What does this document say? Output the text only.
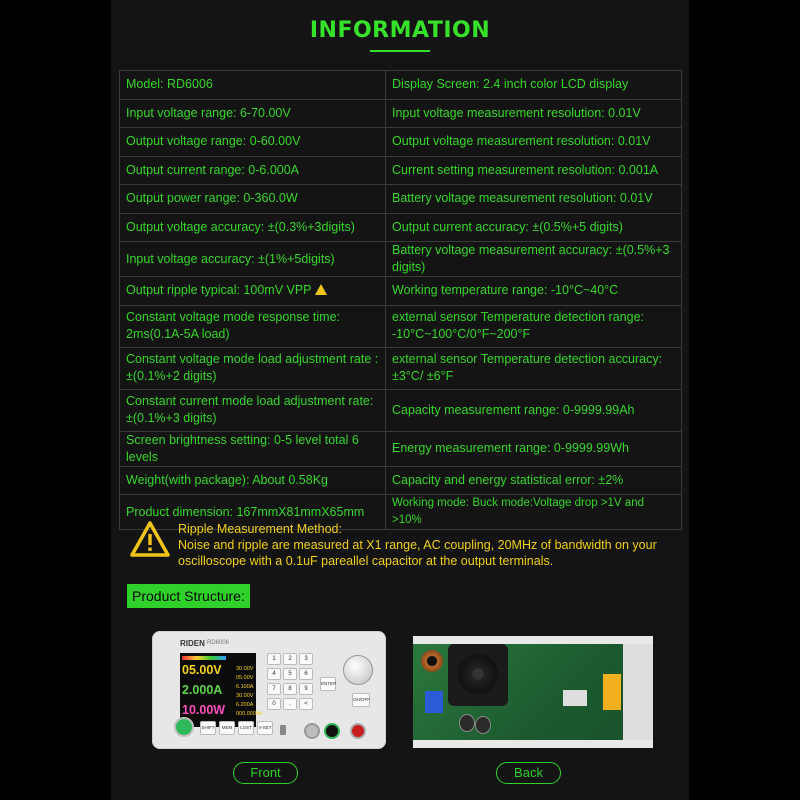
INFORMATION
Model: RD6006	Display Screen: 2.4 inch color LCD display
Input voltage range: 6-70.00V	Input voltage measurement resolution: 0.01V
Output voltage range: 0-60.00V	Output voltage measurement resolution: 0.01V
Output current range: 0-6.000A	Current setting measurement resolution: 0.001A
Output power range: 0-360.0W	Battery voltage measurement resolution: 0.01V
Output voltage accuracy: ±(0.3%+3digits)	Output current accuracy: ±(0.5%+5 digits)
Input voltage accuracy: ±(1%+5digits)	Battery voltage measurement accuracy: ±(0.5%+3 digits)
Output ripple typical: 100mV VPP	Working temperature range: -10°C~40°C
Constant voltage mode response time: 2ms(0.1A-5A load)	external sensor Temperature detection range: -10°C~100°C/0°F~200°F
Constant voltage mode load adjustment rate : ±(0.1%+2 digits)	external sensor Temperature detection accuracy: ±3°C/ ±6°F
Constant current mode load adjustment rate: ±(0.1%+3 digits)	Capacity measurement range: 0-9999.99Ah
Screen brightness setting: 0-5 level total 6 levels	Energy measurement range: 0-9999.99Wh
Weight(with package): About 0.58Kg	Capacity and energy statistical error: ±2%
Product dimension: 167mmX81mmX65mm	Working mode: Buck mode:Voltage drop >1V and >10%
Ripple Measurement Method:
Noise and ripple are measured at X1 range, AC coupling, 20MHz of bandwidth on your oscilloscope with a 0.1uF pareallel capacitor at the output terminals.
Product Structure:
RIDEN RD6006
05.00V
2.000A
10.00W
30.00V
05.00V
6.100A
30.00V
6.200A
000.000Ah
1	2	3
4	5	6
7	8	9
0	.	<
ENTER
ON/OFF
SHIFT	MEM	LOST	V-SET
Front	Back
